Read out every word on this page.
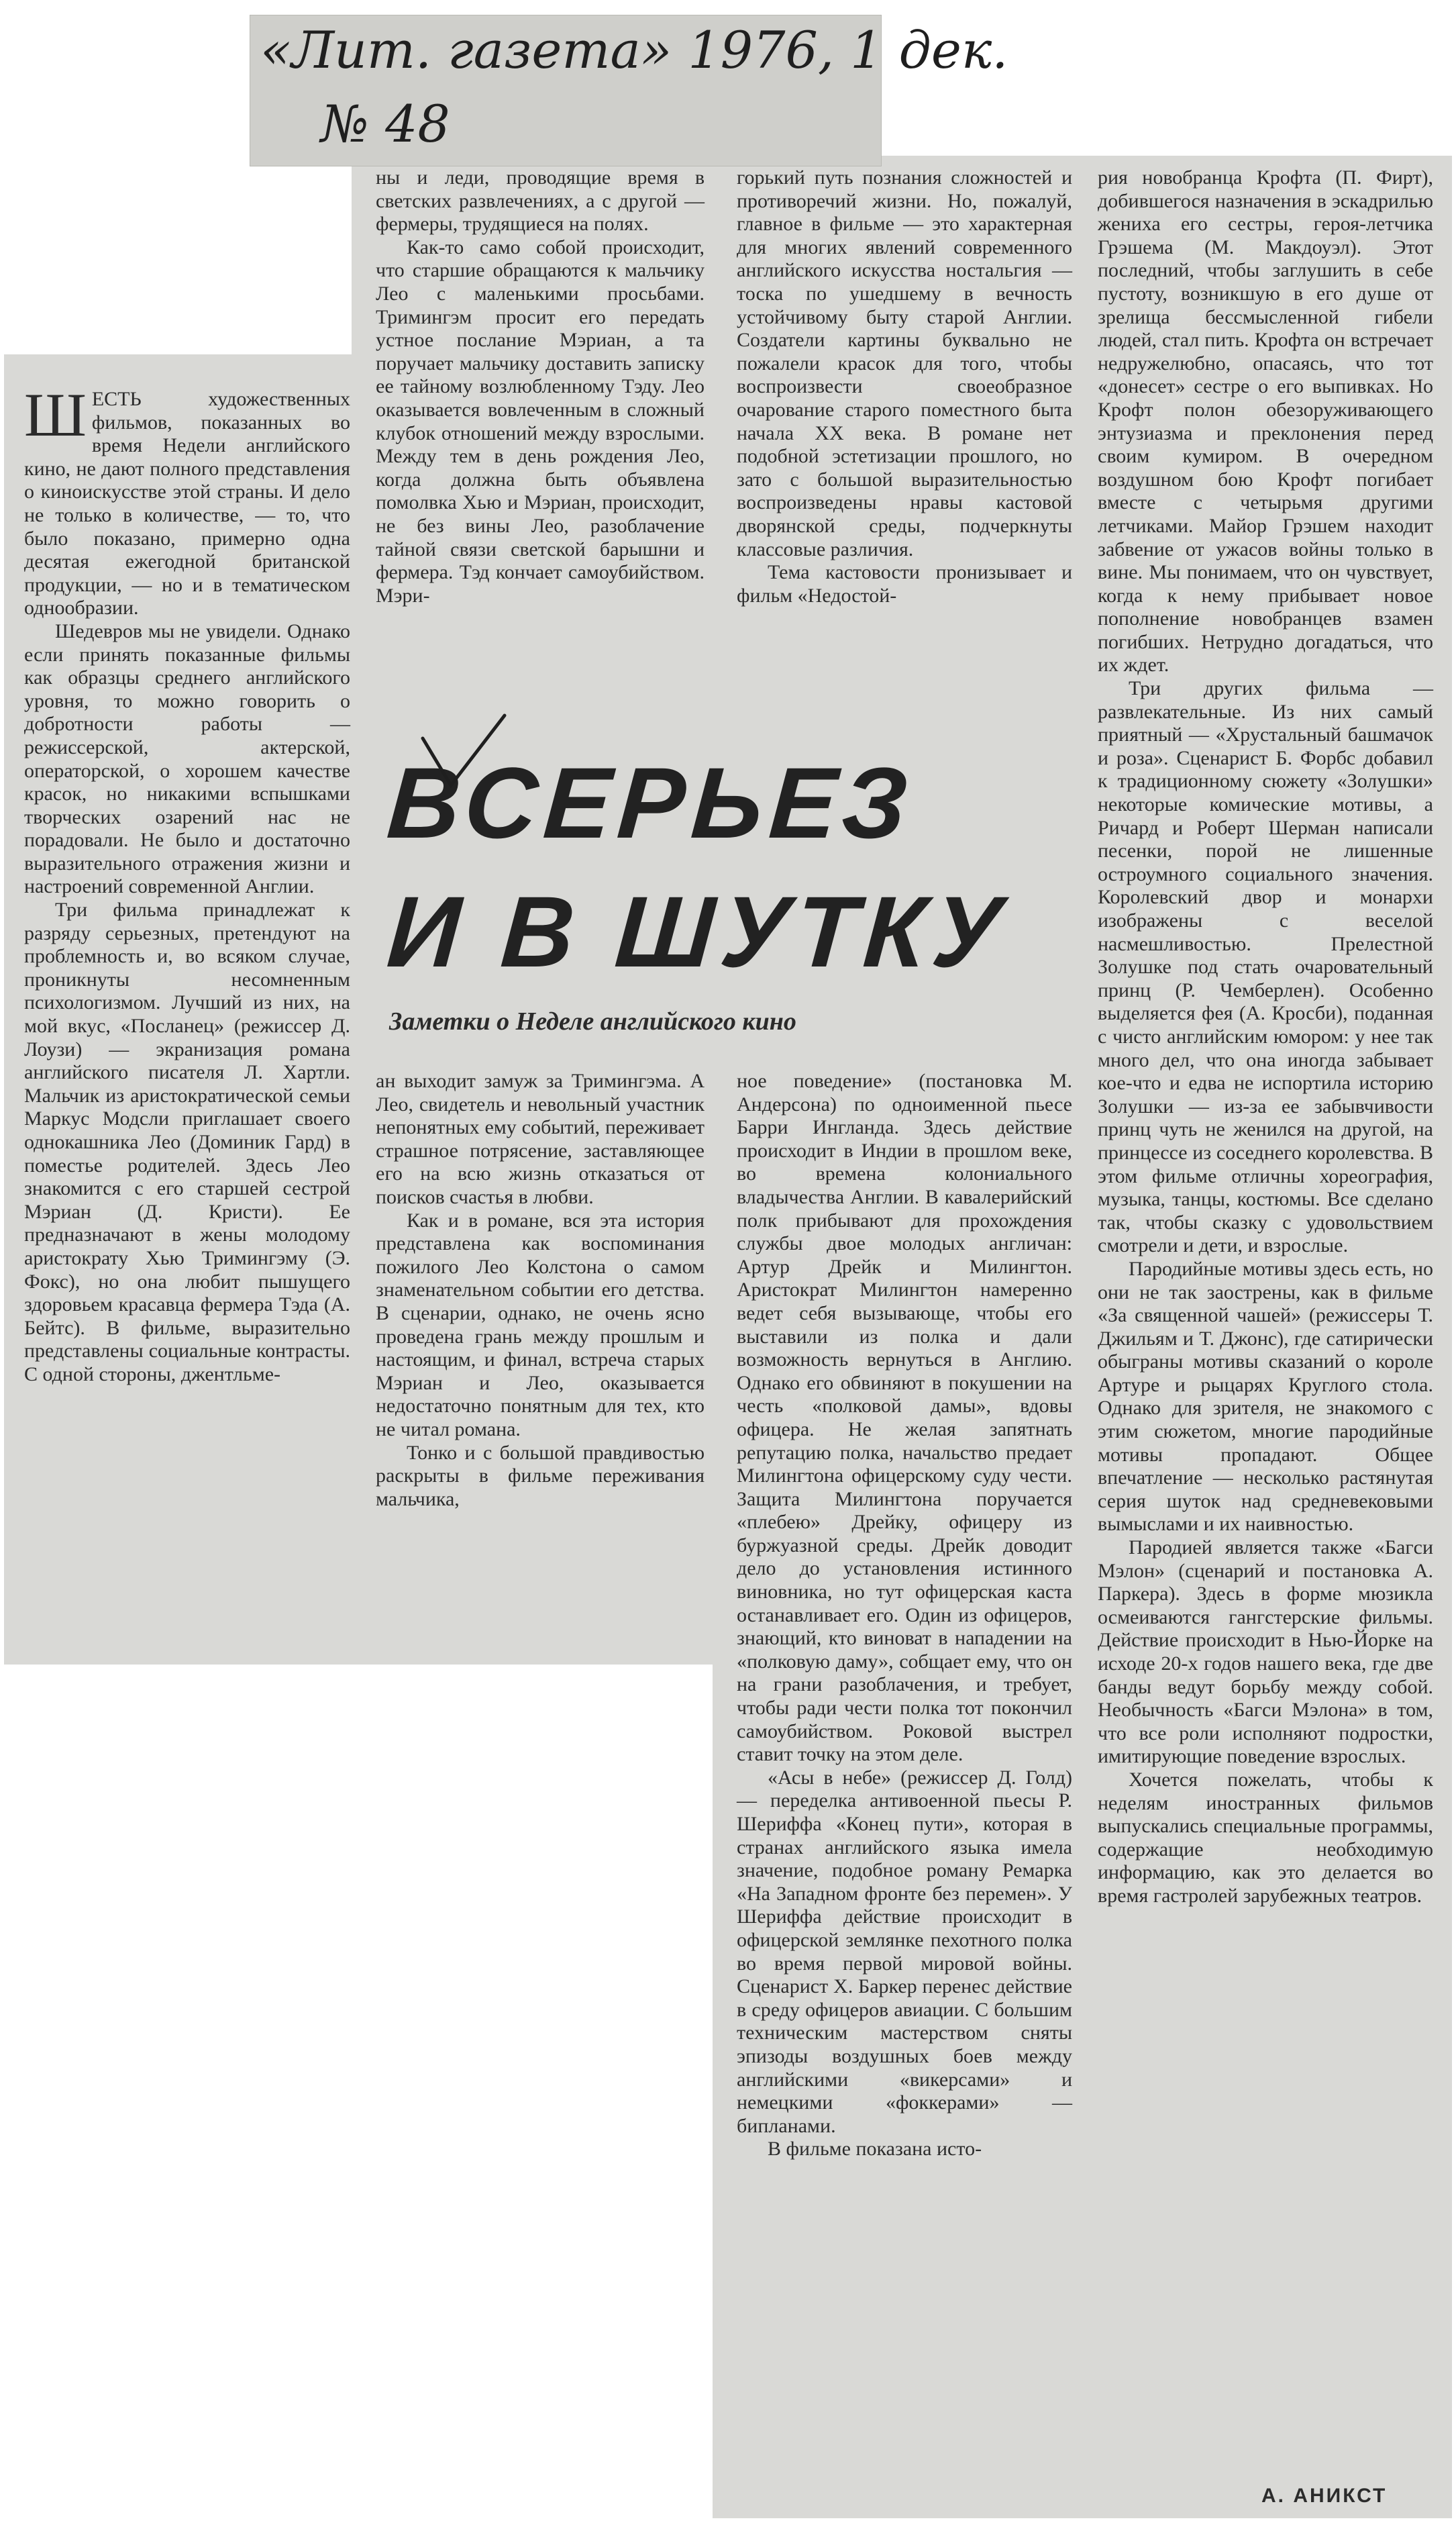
«Лит. газета» 1976, 1 дек.

№ 48

ШЕСТЬ художественных фильмов, показанных во время Недели английского кино, не дают полного представления о киноискусстве этой страны. И дело не только в количестве, — то, что было показано, примерно одна десятая ежегодной британской продукции, — но и в тематическом однообразии.

Шедевров мы не увидели. Однако если принять показанные фильмы как образцы среднего английского уровня, то можно говорить о добротности работы — режиссерской, актерской, операторской, о хорошем качестве красок, но никакими вспышками творческих озарений нас не порадовали. Не было и достаточно выразительного отражения жизни и настроений современной Англии.

Три фильма принадлежат к разряду серьезных, претендуют на проблемность и, во всяком случае, проникнуты несомненным психологизмом. Лучший из них, на мой вкус, «Посланец» (режиссер Д. Лоузи) — экранизация романа английского писателя Л. Хартли. Мальчик из аристократической семьи Маркус Модсли приглашает своего однокашника Лео (Доминик Гард) в поместье родителей. Здесь Лео знакомится с его старшей сестрой Мэриан (Д. Кристи). Ее предназначают в жены молодому аристократу Хью Тримингэму (Э. Фокс), но она любит пышущего здоровьем красавца фермера Тэда (А. Бейтс). В фильме, выразительно представлены социальные контрасты. С одной стороны, джентльме-

ны и леди, проводящие время в светских развлечениях, а с другой — фермеры, трудящиеся на полях.

Как-то само собой происходит, что старшие обращаются к мальчику Лео с маленькими просьбами. Тримингэм просит его передать устное послание Мэриан, а та поручает мальчику доставить записку ее тайному возлюбленному Тэду. Лео оказывается вовлеченным в сложный клубок отношений между взрослыми. Между тем в день рождения Лео, когда должна быть объявлена помолвка Хью и Мэриан, происходит, не без вины Лео, разоблачение тайной связи светской барышни и фермера. Тэд кончает самоубийством. Мэри-

горький путь познания сложностей и противоречий жизни. Но, пожалуй, главное в фильме — это характерная для многих явлений современного английского искусства ностальгия — тоска по ушедшему в вечность устойчивому быту старой Англии. Создатели картины буквально не пожалели красок для того, чтобы воспроизвести своеобразное очарование старого поместного быта начала XX века. В романе нет подобной эстетизации прошлого, но зато с большой выразительностью воспроизведены нравы кастовой дворянской среды, подчеркнуты классовые различия.

Тема кастовости пронизывает и фильм «Недостой-

ВСЕРЬЕЗ
И В ШУТКУ

Заметки о Неделе английского кино

ан выходит замуж за Тримингэма. А Лео, свидетель и невольный участник непонятных ему событий, переживает страшное потрясение, заставляющее его на всю жизнь отказаться от поисков счастья в любви.

Как и в романе, вся эта история представлена как воспоминания пожилого Лео Колстона о самом знаменательном событии его детства. В сценарии, однако, не очень ясно проведена грань между прошлым и настоящим, и финал, встреча старых Мэриан и Лео, оказывается недостаточно понятным для тех, кто не читал романа.

Тонко и с большой правдивостью раскрыты в фильме переживания мальчика,

ное поведение» (постановка М. Андерсона) по одноименной пьесе Барри Ингланда. Здесь действие происходит в Индии в прошлом веке, во времена колониального владычества Англии. В кавалерийский полк прибывают для прохождения службы двое молодых англичан: Артур Дрейк и Милингтон. Аристократ Милингтон намеренно ведет себя вызывающе, чтобы его выставили из полка и дали возможность вернуться в Англию. Однако его обвиняют в покушении на честь «полковой дамы», вдовы офицера. Не желая запятнать репутацию полка, начальство предает Милингтона офицерскому суду чести. Защита Милингтона поручается «плебею» Дрейку, офицеру из буржуазной среды. Дрейк доводит дело до установления истинного виновника, но тут офицерская каста останавливает его. Один из офицеров, знающий, кто виноват в нападении на «полковую даму», собщает ему, что он на грани разоблачения, и требует, чтобы ради чести полка тот покончил самоубийством. Роковой выстрел ставит точку на этом деле.

«Асы в небе» (режиссер Д. Голд) — переделка антивоенной пьесы Р. Шериффа «Конец пути», которая в странах английского языка имела значение, подобное роману Ремарка «На Западном фронте без перемен». У Шериффа действие происходит в офицерской землянке пехотного полка во время первой мировой войны. Сценарист Х. Баркер перенес действие в среду офицеров авиации. С большим техническим мастерством сняты эпизоды воздушных боев между английскими «викерсами» и немецкими «фоккерами» — бипланами.

В фильме показана исто-

рия новобранца Крофта (П. Фирт), добившегося назначения в эскадрилью жениха его сестры, героя-летчика Грэшема (М. Макдоуэл). Этот последний, чтобы заглушить в себе пустоту, возникшую в его душе от зрелища бессмысленной гибели людей, стал пить. Крофта он встречает недружелюбно, опасаясь, что тот «донесет» сестре о его выпивках. Но Крофт полон обезоруживающего энтузиазма и преклонения перед своим кумиром. В очередном воздушном бою Крофт погибает вместе с четырьмя другими летчиками. Майор Грэшем находит забвение от ужасов войны только в вине. Мы понимаем, что он чувствует, когда к нему прибывает новое пополнение новобранцев взамен погибших. Нетрудно догадаться, что их ждет.

Три других фильма — развлекательные. Из них самый приятный — «Хрустальный башмачок и роза». Сценарист Б. Форбс добавил к традиционному сюжету «Золушки» некоторые комические мотивы, а Ричард и Роберт Шерман написали песенки, порой не лишенные остроумного социального значения. Королевский двор и монархи изображены с веселой насмешливостью. Прелестной Золушке под стать очаровательный принц (Р. Чемберлен). Особенно выделяется фея (А. Кросби), поданная с чисто английским юмором: у нее так много дел, что она иногда забывает кое-что и едва не испортила историю Золушки — из-за ее забывчивости принц чуть не женился на другой, на принцессе из соседнего королевства. В этом фильме отличны хореография, музыка, танцы, костюмы. Все сделано так, чтобы сказку с удовольствием смотрели и дети, и взрослые.

Пародийные мотивы здесь есть, но они не так заострены, как в фильме «За священной чашей» (режиссеры Т. Джильям и Т. Джонс), где сатирически обыграны мотивы сказаний о короле Артуре и рыцарях Круглого стола. Однако для зрителя, не знакомого с этим сюжетом, многие пародийные мотивы пропадают. Общее впечатление — несколько растянутая серия шуток над средневековыми вымыслами и их наивностью.

Пародией является также «Багси Мэлон» (сценарий и постановка А. Паркера). Здесь в форме мюзикла осмеиваются гангстерские фильмы. Действие происходит в Нью-Йорке на исходе 20-х годов нашего века, где две банды ведут борьбу между собой. Необычность «Багси Мэлона» в том, что все роли исполняют подростки, имитирующие поведение взрослых.

Хочется пожелать, чтобы к неделям иностранных фильмов выпускались специальные программы, содержащие необходимую информацию, как это делается во время гастролей зарубежных театров.

А. АНИКСТ
